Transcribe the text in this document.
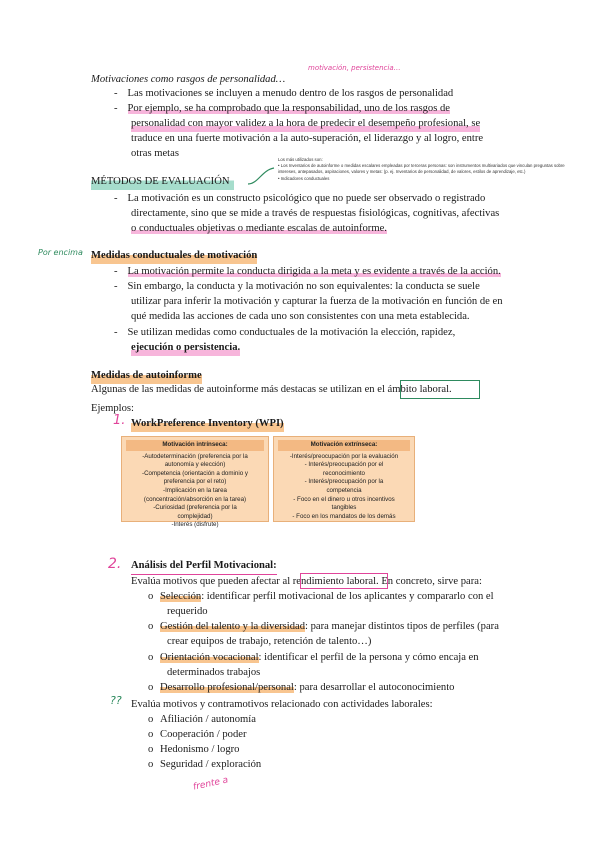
Motivaciones como rasgos de personalidad…
motivación, persistencia…
- Las motivaciones se incluyen a menudo dentro de los rasgos de personalidad
- Por ejemplo, se ha comprobado que la responsabilidad, uno de los rasgos de
personalidad con mayor validez a la hora de predecir el desempeño profesional, se
traduce en una fuerte motivación a la auto-superación, el liderazgo y al logro, entre
otras metas
MÉTODOS DE EVALUACIÓN
Los más utilizados son:
• Los Inventarios de autoinforme o medidas escalares empleadas por terceras personas: son instrumentos multivariados que vinculan preguntas sobre
intereses, antepasados, aspiraciones, valores y metas: (p. ej. Inventarios de personalidad, de valores, estilos de aprendizaje, etc.)
• Indicadores conductuales
- La motivación es un constructo psicológico que no puede ser observado o registrado
directamente, sino que se mide a través de respuestas fisiológicas, cognitivas, afectivas
o conductuales objetivas o mediante escalas de autoinforme.
Por encima Medidas conductuales de motivación
- La motivación permite la conducta dirigida a la meta y es evidente a través de la acción.
- Sin embargo, la conducta y la motivación no son equivalentes: la conducta se suele
utilizar para inferir la motivación y capturar la fuerza de la motivación en función de en
qué medida las acciones de cada uno son consistentes con una meta establecida.
- Se utilizan medidas como conductuales de la motivación la elección, rapidez,
ejecución o persistencia.
Medidas de autoinforme
Algunas de las medidas de autoinforme más destacas se utilizan en el ámbito laboral.
Ejemplos:
1. WorkPreference Inventory (WPI)
Motivación intrínseca:
-Autodeterminación (preferencia por la
autonomía y elección)
-Competencia (orientación a dominio y
preferencia por el reto)
-Implicación en la tarea
(concentración/absorción en la tarea)
-Curiosidad (preferencia por la
complejidad)
-Interés (disfrute)
Motivación extrínseca:
-Interés/preocupación por la evaluación
- Interés/preocupación por el
reconocimiento
- Interés/preocupación por la
competencia
- Foco en el dinero u otros incentivos
tangibles
- Foco en los mandatos de los demás
2. Análisis del Perfil Motivacional:
Evalúa motivos que pueden afectar al rendimiento laboral. En concreto, sirve para:
o Selección: identificar perfil motivacional de los aplicantes y compararlo con el
requerido
o Gestión del talento y la diversidad: para manejar distintos tipos de perfiles (para
crear equipos de trabajo, retención de talento…)
o Orientación vocacional: identificar el perfil de la persona y cómo encaja en
determinados trabajos
o Desarrollo profesional/personal: para desarrollar el autoconocimiento
?? Evalúa motivos y contramotivos relacionado con actividades laborales:
o Afiliación / autonomía
o Cooperación / poder
o Hedonismo / logro
o Seguridad / exploración
frente a
